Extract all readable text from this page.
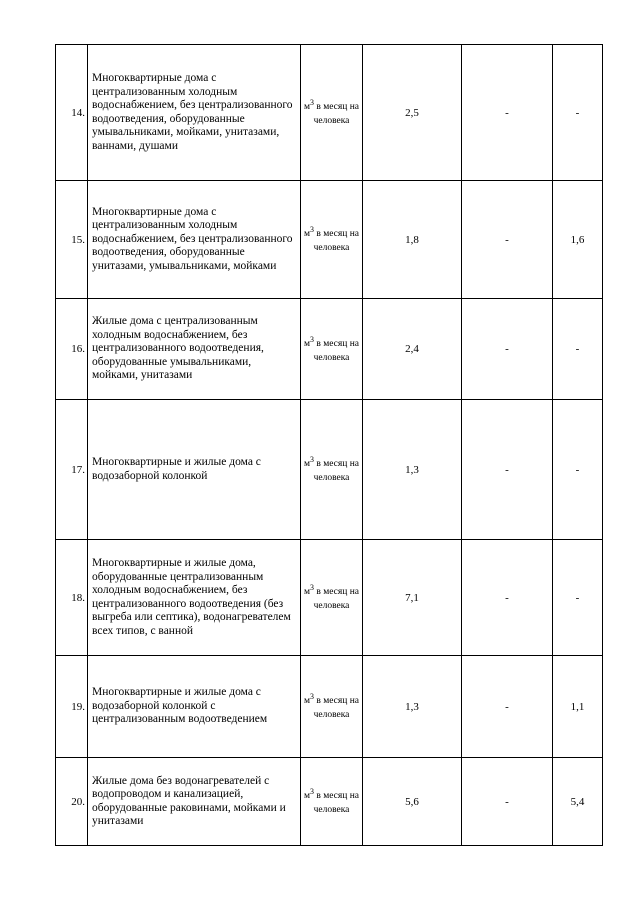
14.	Многоквартирные дома с централизованным холодным водоснабжением, без централизованного водоотведения, оборудованные умывальниками, мойками, унитазами, ваннами, душами	$м^3$ в месяц на человека	2,5	-	-
15.	Многоквартирные дома с централизованным холодным водоснабжением, без централизованного водоотведения, оборудованные унитазами, умывальниками, мойками	$м^3$ в месяц на человека	1,8	-	1,6
16.	Жилые дома с централизованным холодным водоснабжением, без централизованного водоотведения, оборудованные умывальниками, мойками, унитазами	$м^3$ в месяц на человека	2,4	-	-
17.	Многоквартирные и жилые дома с водозаборной колонкой	$м^3$ в месяц на человека	1,3	-	-
18.	Многоквартирные и жилые дома, оборудованные централизованным холодным водоснабжением, без централизованного водоотведения (без выгреба или септика), водонагревателем всех типов, с ванной	$м^3$ в месяц на человека	7,1	-	-
19.	Многоквартирные и жилые дома с водозаборной колонкой с централизованным водоотведением	$м^3$ в месяц на человека	1,3	-	1,1
20.	Жилые дома без водонагревателей с водопроводом и канализацией, оборудованные раковинами, мойками и унитазами	$м^3$ в месяц на человека	5,6	-	5,4
